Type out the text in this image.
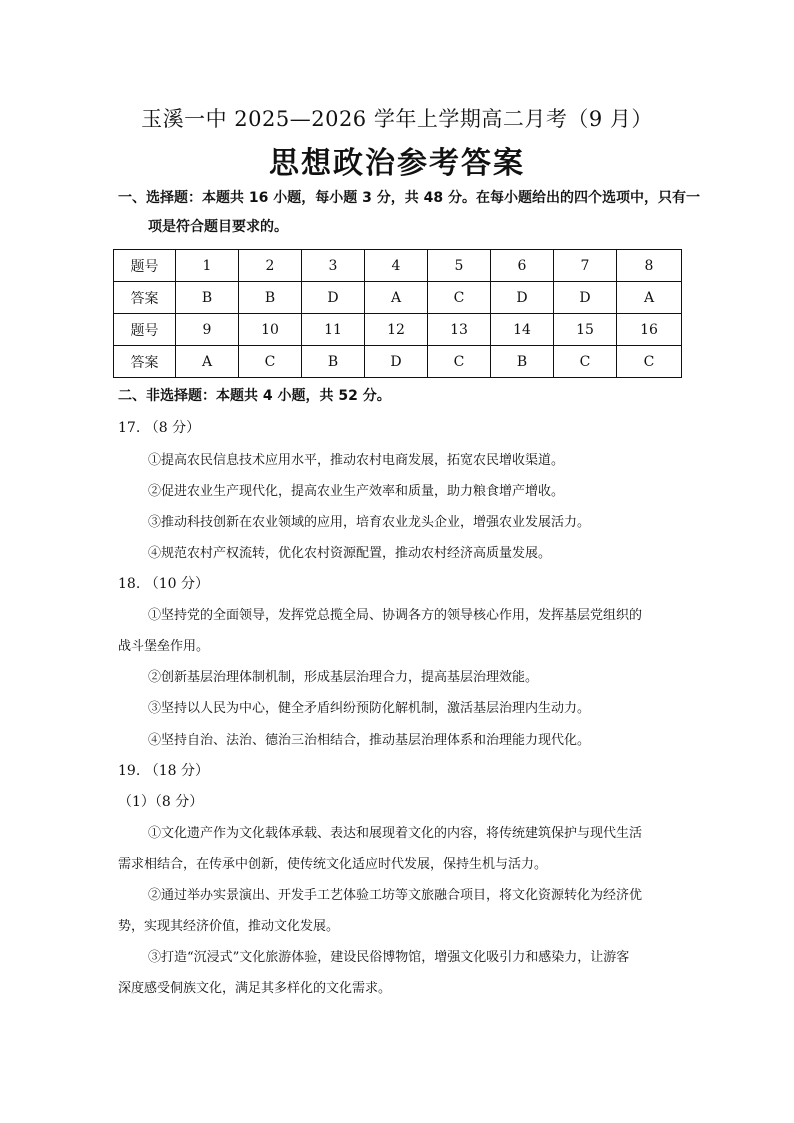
玉溪一中 2025—2026 学年上学期高二月考（9 月）
思想政治参考答案
一、选择题：本题共 16 小题，每小题 3 分，共 48 分。在每小题给出的四个选项中，只有一
项是符合题目要求的。
题号	1	2	3	4	5	6	7	8
答案	B	B	D	A	C	D	D	A
题号	9	10	11	12	13	14	15	16
答案	A	C	B	D	C	B	C	C
二、非选择题：本题共 4 小题，共 52 分。
17. （8 分）
①提高农民信息技术应用水平，推动农村电商发展，拓宽农民增收渠道。
②促进农业生产现代化，提高农业生产效率和质量，助力粮食增产增收。
③推动科技创新在农业领域的应用，培育农业龙头企业，增强农业发展活力。
④规范农村产权流转，优化农村资源配置，推动农村经济高质量发展。
18. （10 分）
①坚持党的全面领导，发挥党总揽全局、协调各方的领导核心作用，发挥基层党组织的
战斗堡垒作用。
②创新基层治理体制机制，形成基层治理合力，提高基层治理效能。
③坚持以人民为中心，健全矛盾纠纷预防化解机制，激活基层治理内生动力。
④坚持自治、法治、德治三治相结合，推动基层治理体系和治理能力现代化。
19. （18 分）
（1）（8 分）
①文化遗产作为文化载体承载、表达和展现着文化的内容，将传统建筑保护与现代生活
需求相结合，在传承中创新，使传统文化适应时代发展，保持生机与活力。
②通过举办实景演出、开发手工艺体验工坊等文旅融合项目，将文化资源转化为经济优
势，实现其经济价值，推动文化发展。
③打造“沉浸式”文化旅游体验，建设民俗博物馆，增强文化吸引力和感染力，让游客
深度感受侗族文化，满足其多样化的文化需求。
